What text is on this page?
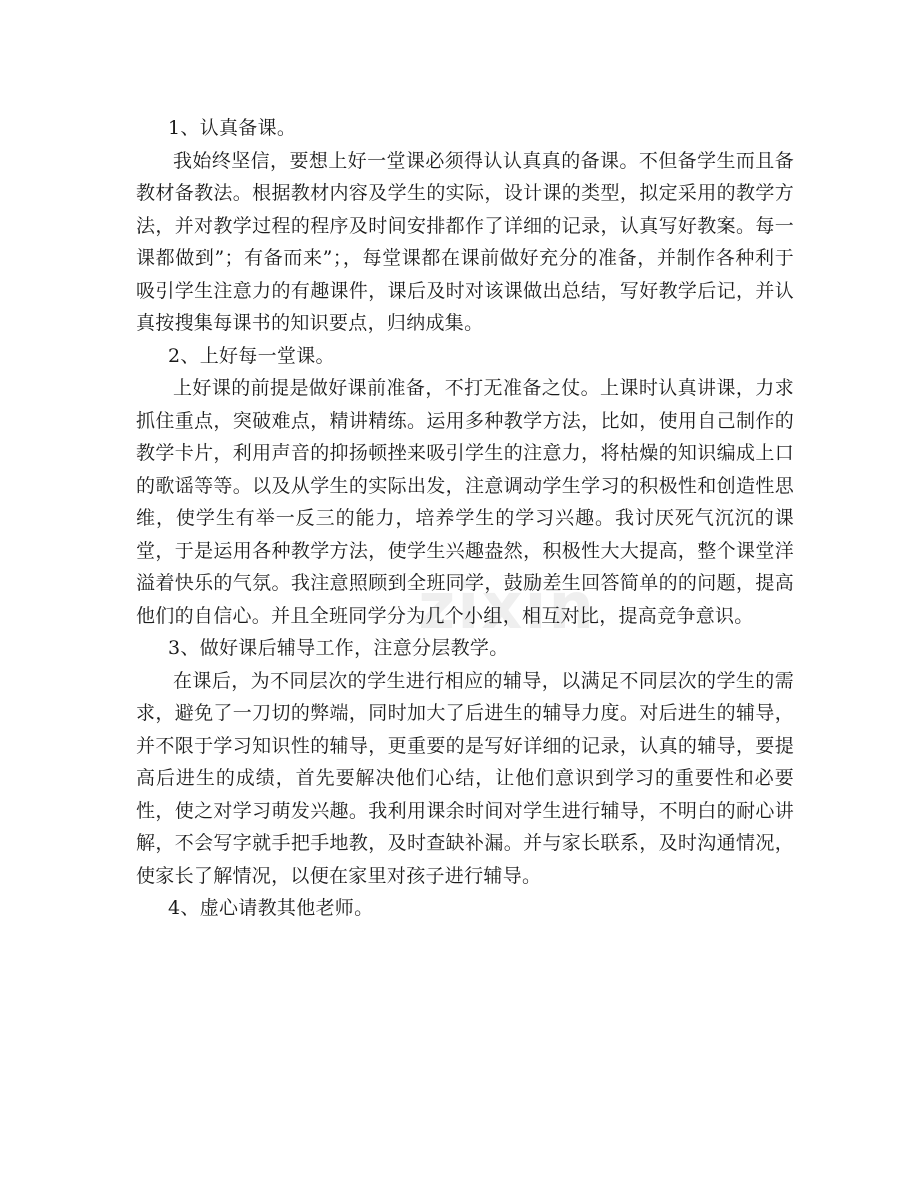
zixin

1、认真备课。

我始终坚信，要想上好一堂课必须得认认真真的备课。不但备学生而且备教材备教法。根据教材内容及学生的实际，设计课的类型，拟定采用的教学方法，并对教学过程的程序及时间安排都作了详细的记录，认真写好教案。每一课都做到”；有备而来”；，每堂课都在课前做好充分的准备，并制作各种利于吸引学生注意力的有趣课件，课后及时对该课做出总结，写好教学后记，并认真按搜集每课书的知识要点，归纳成集。

2、上好每一堂课。

上好课的前提是做好课前准备，不打无准备之仗。上课时认真讲课，力求抓住重点，突破难点，精讲精练。运用多种教学方法，比如，使用自己制作的教学卡片，利用声音的抑扬顿挫来吸引学生的注意力，将枯燥的知识编成上口的歌谣等等。以及从学生的实际出发，注意调动学生学习的积极性和创造性思维，使学生有举一反三的能力，培养学生的学习兴趣。我讨厌死气沉沉的课堂，于是运用各种教学方法，使学生兴趣盎然，积极性大大提高，整个课堂洋溢着快乐的气氛。我注意照顾到全班同学，鼓励差生回答简单的的问题，提高他们的自信心。并且全班同学分为几个小组，相互对比，提高竞争意识。

3、做好课后辅导工作，注意分层教学。

在课后，为不同层次的学生进行相应的辅导，以满足不同层次的学生的需求，避免了一刀切的弊端，同时加大了后进生的辅导力度。对后进生的辅导，并不限于学习知识性的辅导，更重要的是写好详细的记录，认真的辅导，要提高后进生的成绩，首先要解决他们心结，让他们意识到学习的重要性和必要性，使之对学习萌发兴趣。我利用课余时间对学生进行辅导，不明白的耐心讲解，不会写字就手把手地教，及时查缺补漏。并与家长联系，及时沟通情况，使家长了解情况，以便在家里对孩子进行辅导。

4、虚心请教其他老师。
